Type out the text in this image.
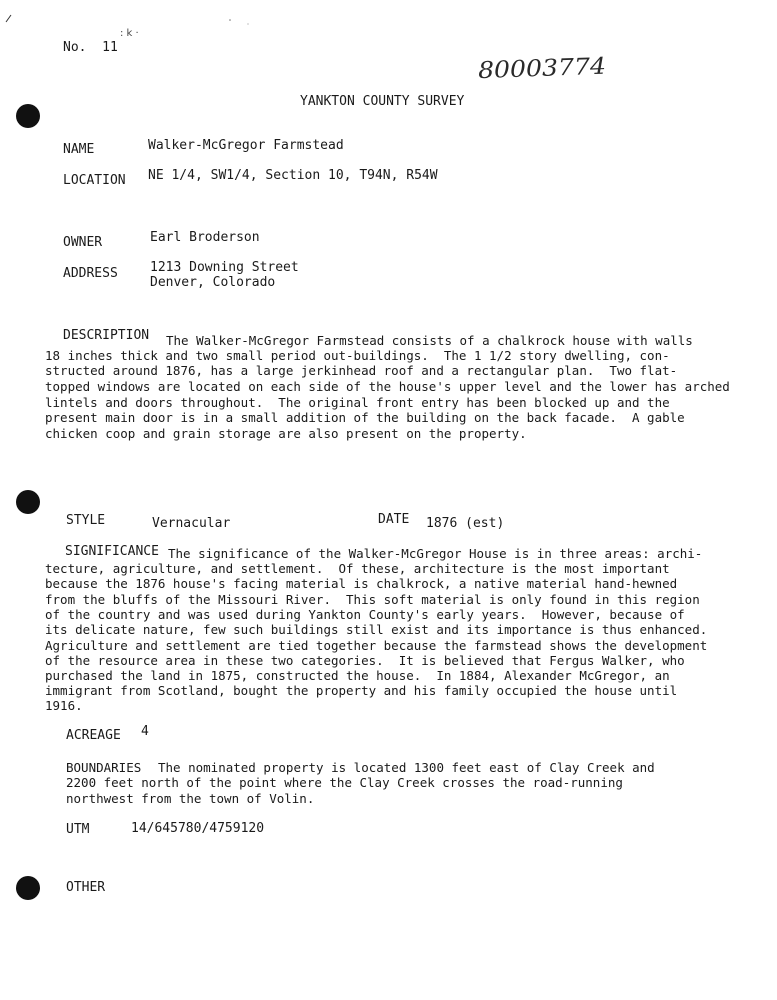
: k ·
No.  11
80003774
YANKTON COUNTY SURVEY
NAME	Walker-McGregor Farmstead
LOCATION NE 1/4, SW1/4, Section 10, T94N, R54W
OWNER	Earl Broderson
ADDRESS 1213 Downing Street
Denver, Colorado
DESCRIPTION The Walker-McGregor Farmstead consists of a chalkrock house with walls
18 inches thick and two small period out-buildings.  The 1 1/2 story dwelling, con-
structed around 1876, has a large jerkinhead roof and a rectangular plan.  Two flat-
topped windows are located on each side of the house's upper level and the lower has arched
lintels and doors throughout.  The original front entry has been blocked up and the
present main door is in a small addition of the building on the back facade.  A gable
chicken coop and grain storage are also present on the property.
STYLE	Vernacular	DATE 1876 (est)
SIGNIFICANCE The significance of the Walker-McGregor House is in three areas: archi-
tecture, agriculture, and settlement.  Of these, architecture is the most important
because the 1876 house's facing material is chalkrock, a native material hand-hewned
from the bluffs of the Missouri River.  This soft material is only found in this region
of the country and was used during Yankton County's early years.  However, because of
its delicate nature, few such buildings still exist and its importance is thus enhanced.
Agriculture and settlement are tied together because the farmstead shows the development
of the resource area in these two categories.  It is believed that Fergus Walker, who
purchased the land in 1875, constructed the house.  In 1884, Alexander McGregor, an
immigrant from Scotland, bought the property and his family occupied the house until
1916.
ACREAGE 4
BOUNDARIES The nominated property is located 1300 feet east of Clay Creek and
2200 feet north of the point where the Clay Creek crosses the road-running
northwest from the town of Volin.
UTM	14/645780/4759120
OTHER
